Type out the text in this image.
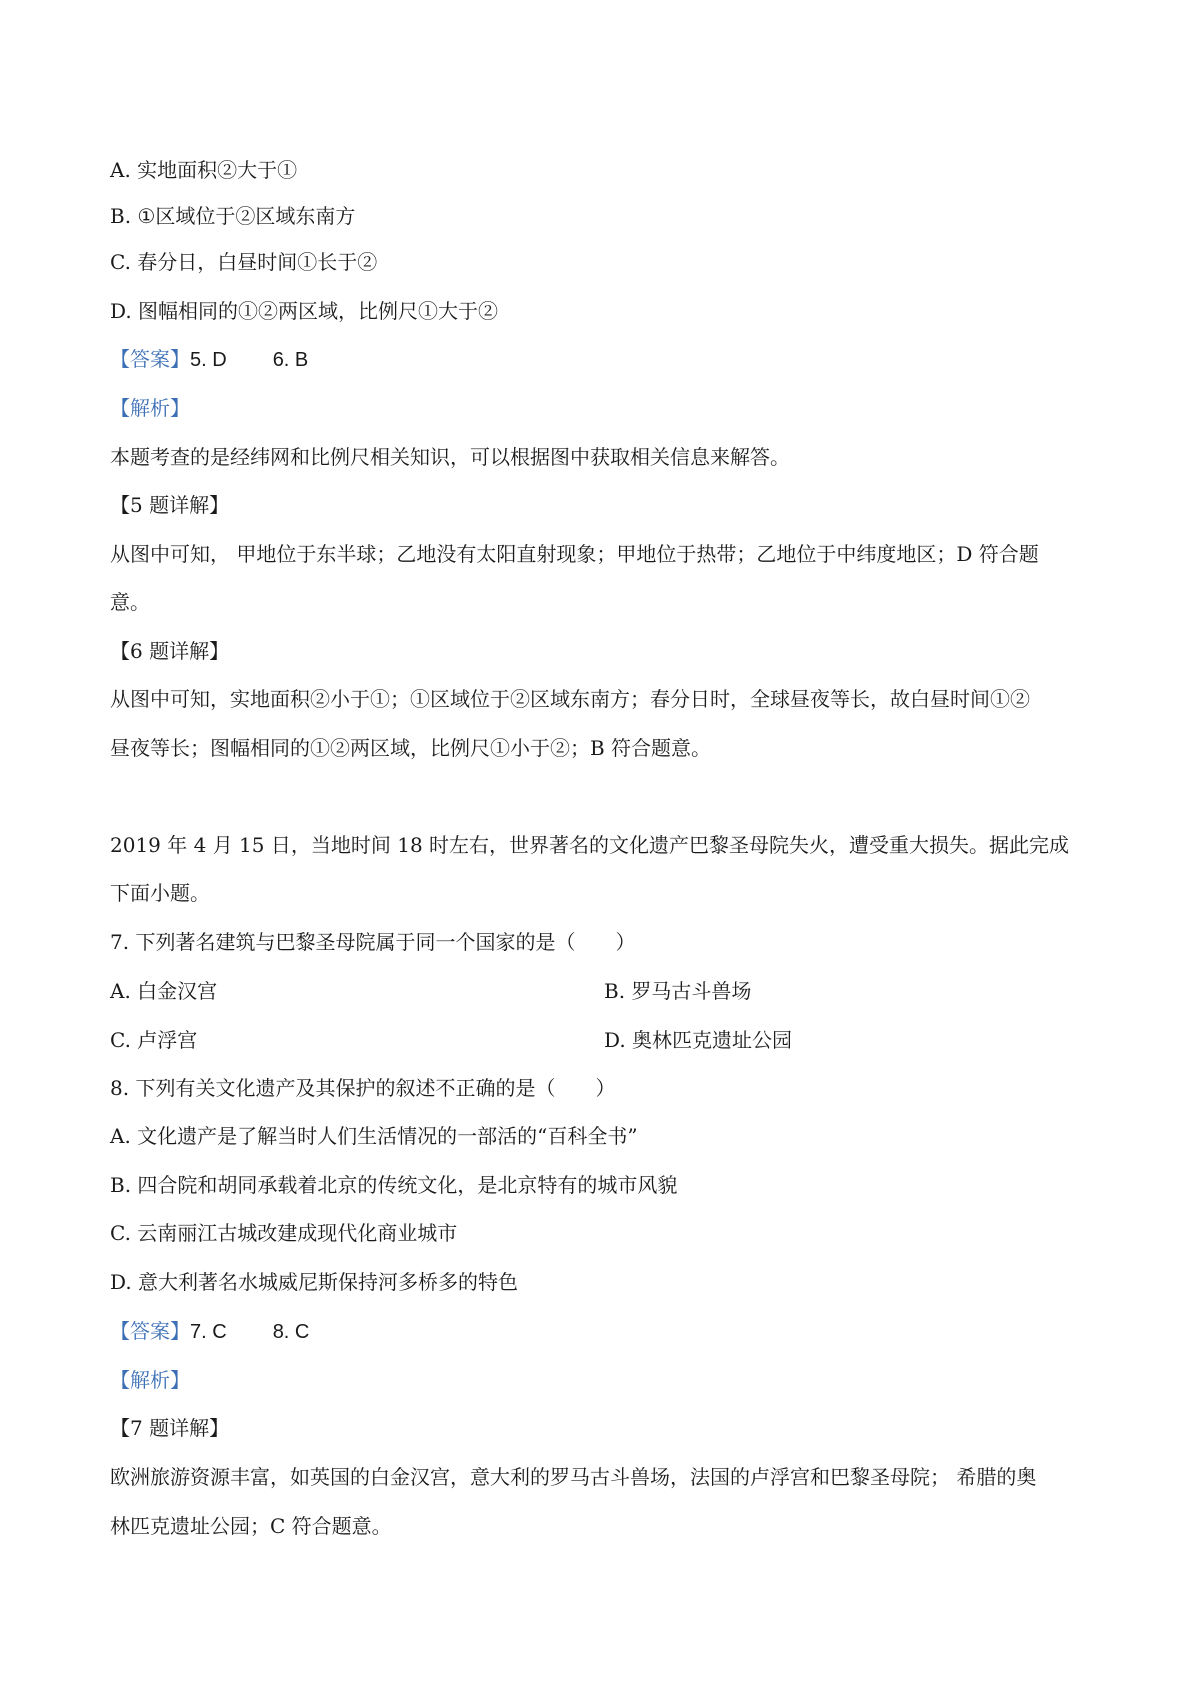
A. 实地面积②大于①
B. ①区域位于②区域东南方
C. 春分日，白昼时间①长于②
D. 图幅相同的①②两区域，比例尺①大于②
【答案】5. D 6. B
【解析】
本题考查的是经纬网和比例尺相关知识，可以根据图中获取相关信息来解答。
【5 题详解】
从图中可知， 甲地位于东半球；乙地没有太阳直射现象；甲地位于热带；乙地位于中纬度地区；D 符合题
意。
【6 题详解】
从图中可知，实地面积②小于①；①区域位于②区域东南方；春分日时，全球昼夜等长，故白昼时间①②
昼夜等长；图幅相同的①②两区域，比例尺①小于②；B 符合题意。
2019 年 4 月 15 日，当地时间 18 时左右，世界著名的文化遗产巴黎圣母院失火，遭受重大损失。据此完成
下面小题。
7. 下列著名建筑与巴黎圣母院属于同一个国家的是（　　）
A. 白金汉宫	B. 罗马古斗兽场
C. 卢浮宫	D. 奥林匹克遗址公园
8. 下列有关文化遗产及其保护的叙述不正确的是（　　）
A. 文化遗产是了解当时人们生活情况的一部活的“百科全书”
B. 四合院和胡同承载着北京的传统文化，是北京特有的城市风貌
C. 云南丽江古城改建成现代化商业城市
D. 意大利著名水城威尼斯保持河多桥多的特色
【答案】7. C 8. C
【解析】
【7 题详解】
欧洲旅游资源丰富，如英国的白金汉宫，意大利的罗马古斗兽场，法国的卢浮宫和巴黎圣母院； 希腊的奥
林匹克遗址公园；C 符合题意。
